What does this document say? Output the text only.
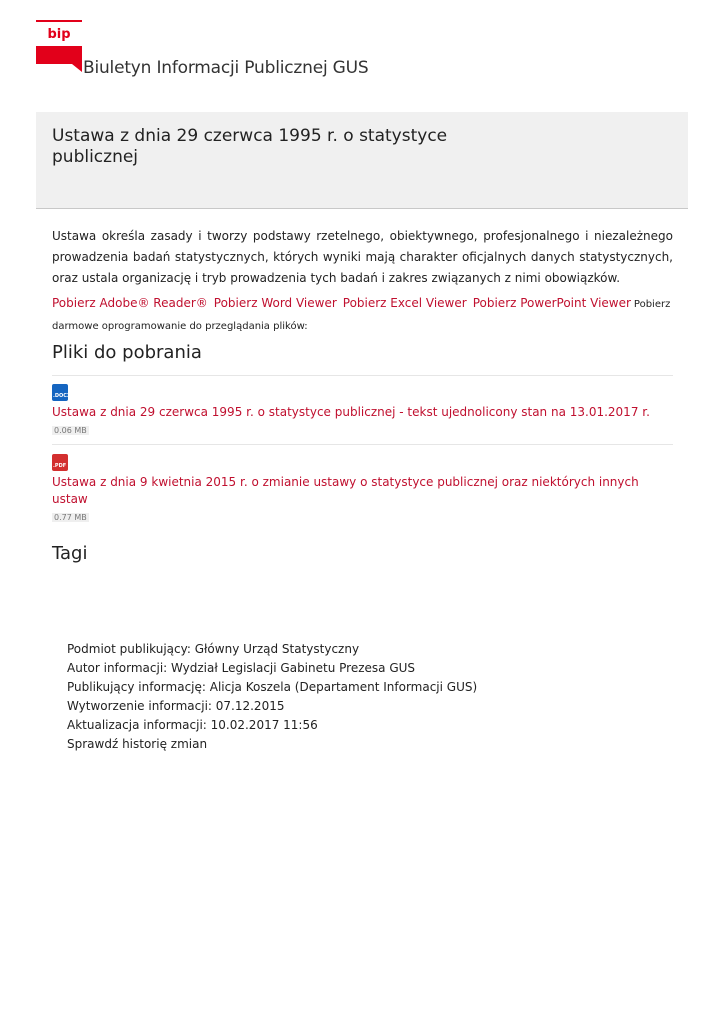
bip
Biuletyn Informacji Publicznej GUS
Ustawa z dnia 29 czerwca 1995 r. o statystyce publicznej
Ustawa określa zasady i tworzy podstawy rzetelnego, obiektywnego, profesjonalnego i niezależnego prowadzenia badań statystycznych, których wyniki mają charakter oficjalnych danych statystycznych, oraz ustala organizację i tryb prowadzenia tych badań i zakres związanych z nimi obowiązków.
Pobierz Adobe® Reader® Pobierz Word Viewer Pobierz Excel Viewer Pobierz PowerPoint Viewer Pobierz darmowe oprogramowanie do przeglądania plików:
Pliki do pobrania
.DOCX
Ustawa z dnia 29 czerwca 1995 r. o statystyce publicznej - tekst ujednolicony stan na 13.01.2017 r. 0.06 MB
.PDF
Ustawa z dnia 9 kwietnia 2015 r. o zmianie ustawy o statystyce publicznej oraz niektórych innych ustaw
0.77 MB
Tagi
Podmiot publikujący: Główny Urząd Statystyczny
Autor informacji: Wydział Legislacji Gabinetu Prezesa GUS
Publikujący informację: Alicja Koszela (Departament Informacji GUS)
Wytworzenie informacji: 07.12.2015
Aktualizacja informacji: 10.02.2017 11:56
Sprawdź historię zmian
